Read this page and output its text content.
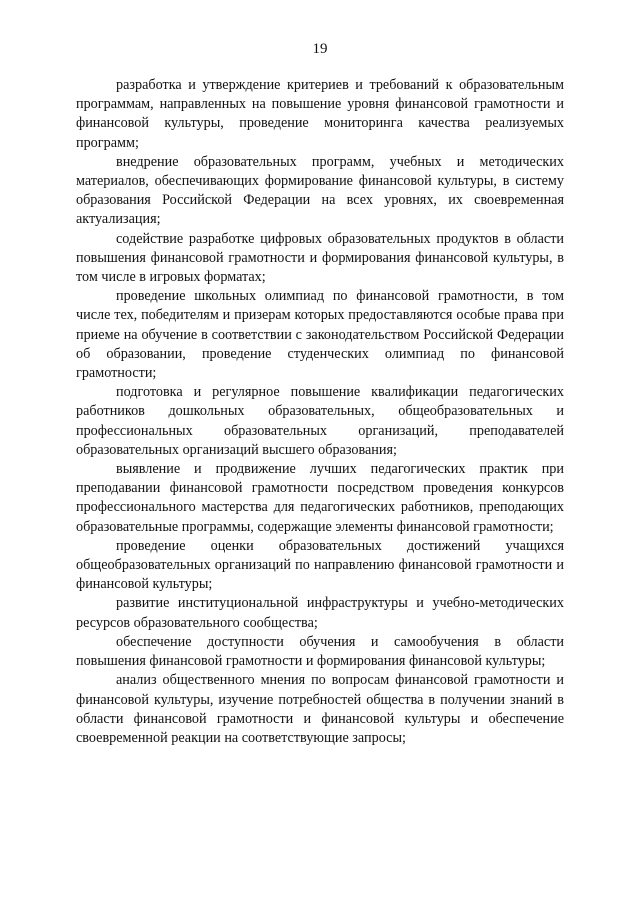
19

разработка и утверждение критериев и требований к образовательным программам, направленных на повышение уровня финансовой грамотности и финансовой культуры, проведение мониторинга качества реализуемых программ;

внедрение образовательных программ, учебных и методических материалов, обеспечивающих формирование финансовой культуры, в систему образования Российской Федерации на всех уровнях, их своевременная актуализация;

содействие разработке цифровых образовательных продуктов в области повышения финансовой грамотности и формирования финансовой культуры, в том числе в игровых форматах;

проведение школьных олимпиад по финансовой грамотности, в том числе тех, победителям и призерам которых предоставляются особые права при приеме на обучение в соответствии с законодательством Российской Федерации об образовании, проведение студенческих олимпиад по финансовой грамотности;

подготовка и регулярное повышение квалификации педагогических работников дошкольных образовательных, общеобразовательных и профессиональных образовательных организаций, преподавателей образовательных организаций высшего образования;

выявление и продвижение лучших педагогических практик при преподавании финансовой грамотности посредством проведения конкурсов профессионального мастерства для педагогических работников, преподающих образовательные программы, содержащие элементы финансовой грамотности;

проведение оценки образовательных достижений учащихся общеобразовательных организаций по направлению финансовой грамотности и финансовой культуры;

развитие институциональной инфраструктуры и учебно-методических ресурсов образовательного сообщества;

обеспечение доступности обучения и самообучения в области повышения финансовой грамотности и формирования финансовой культуры;

анализ общественного мнения по вопросам финансовой грамотности и финансовой культуры, изучение потребностей общества в получении знаний в области финансовой грамотности и финансовой культуры и обеспечение своевременной реакции на соответствующие запросы;
